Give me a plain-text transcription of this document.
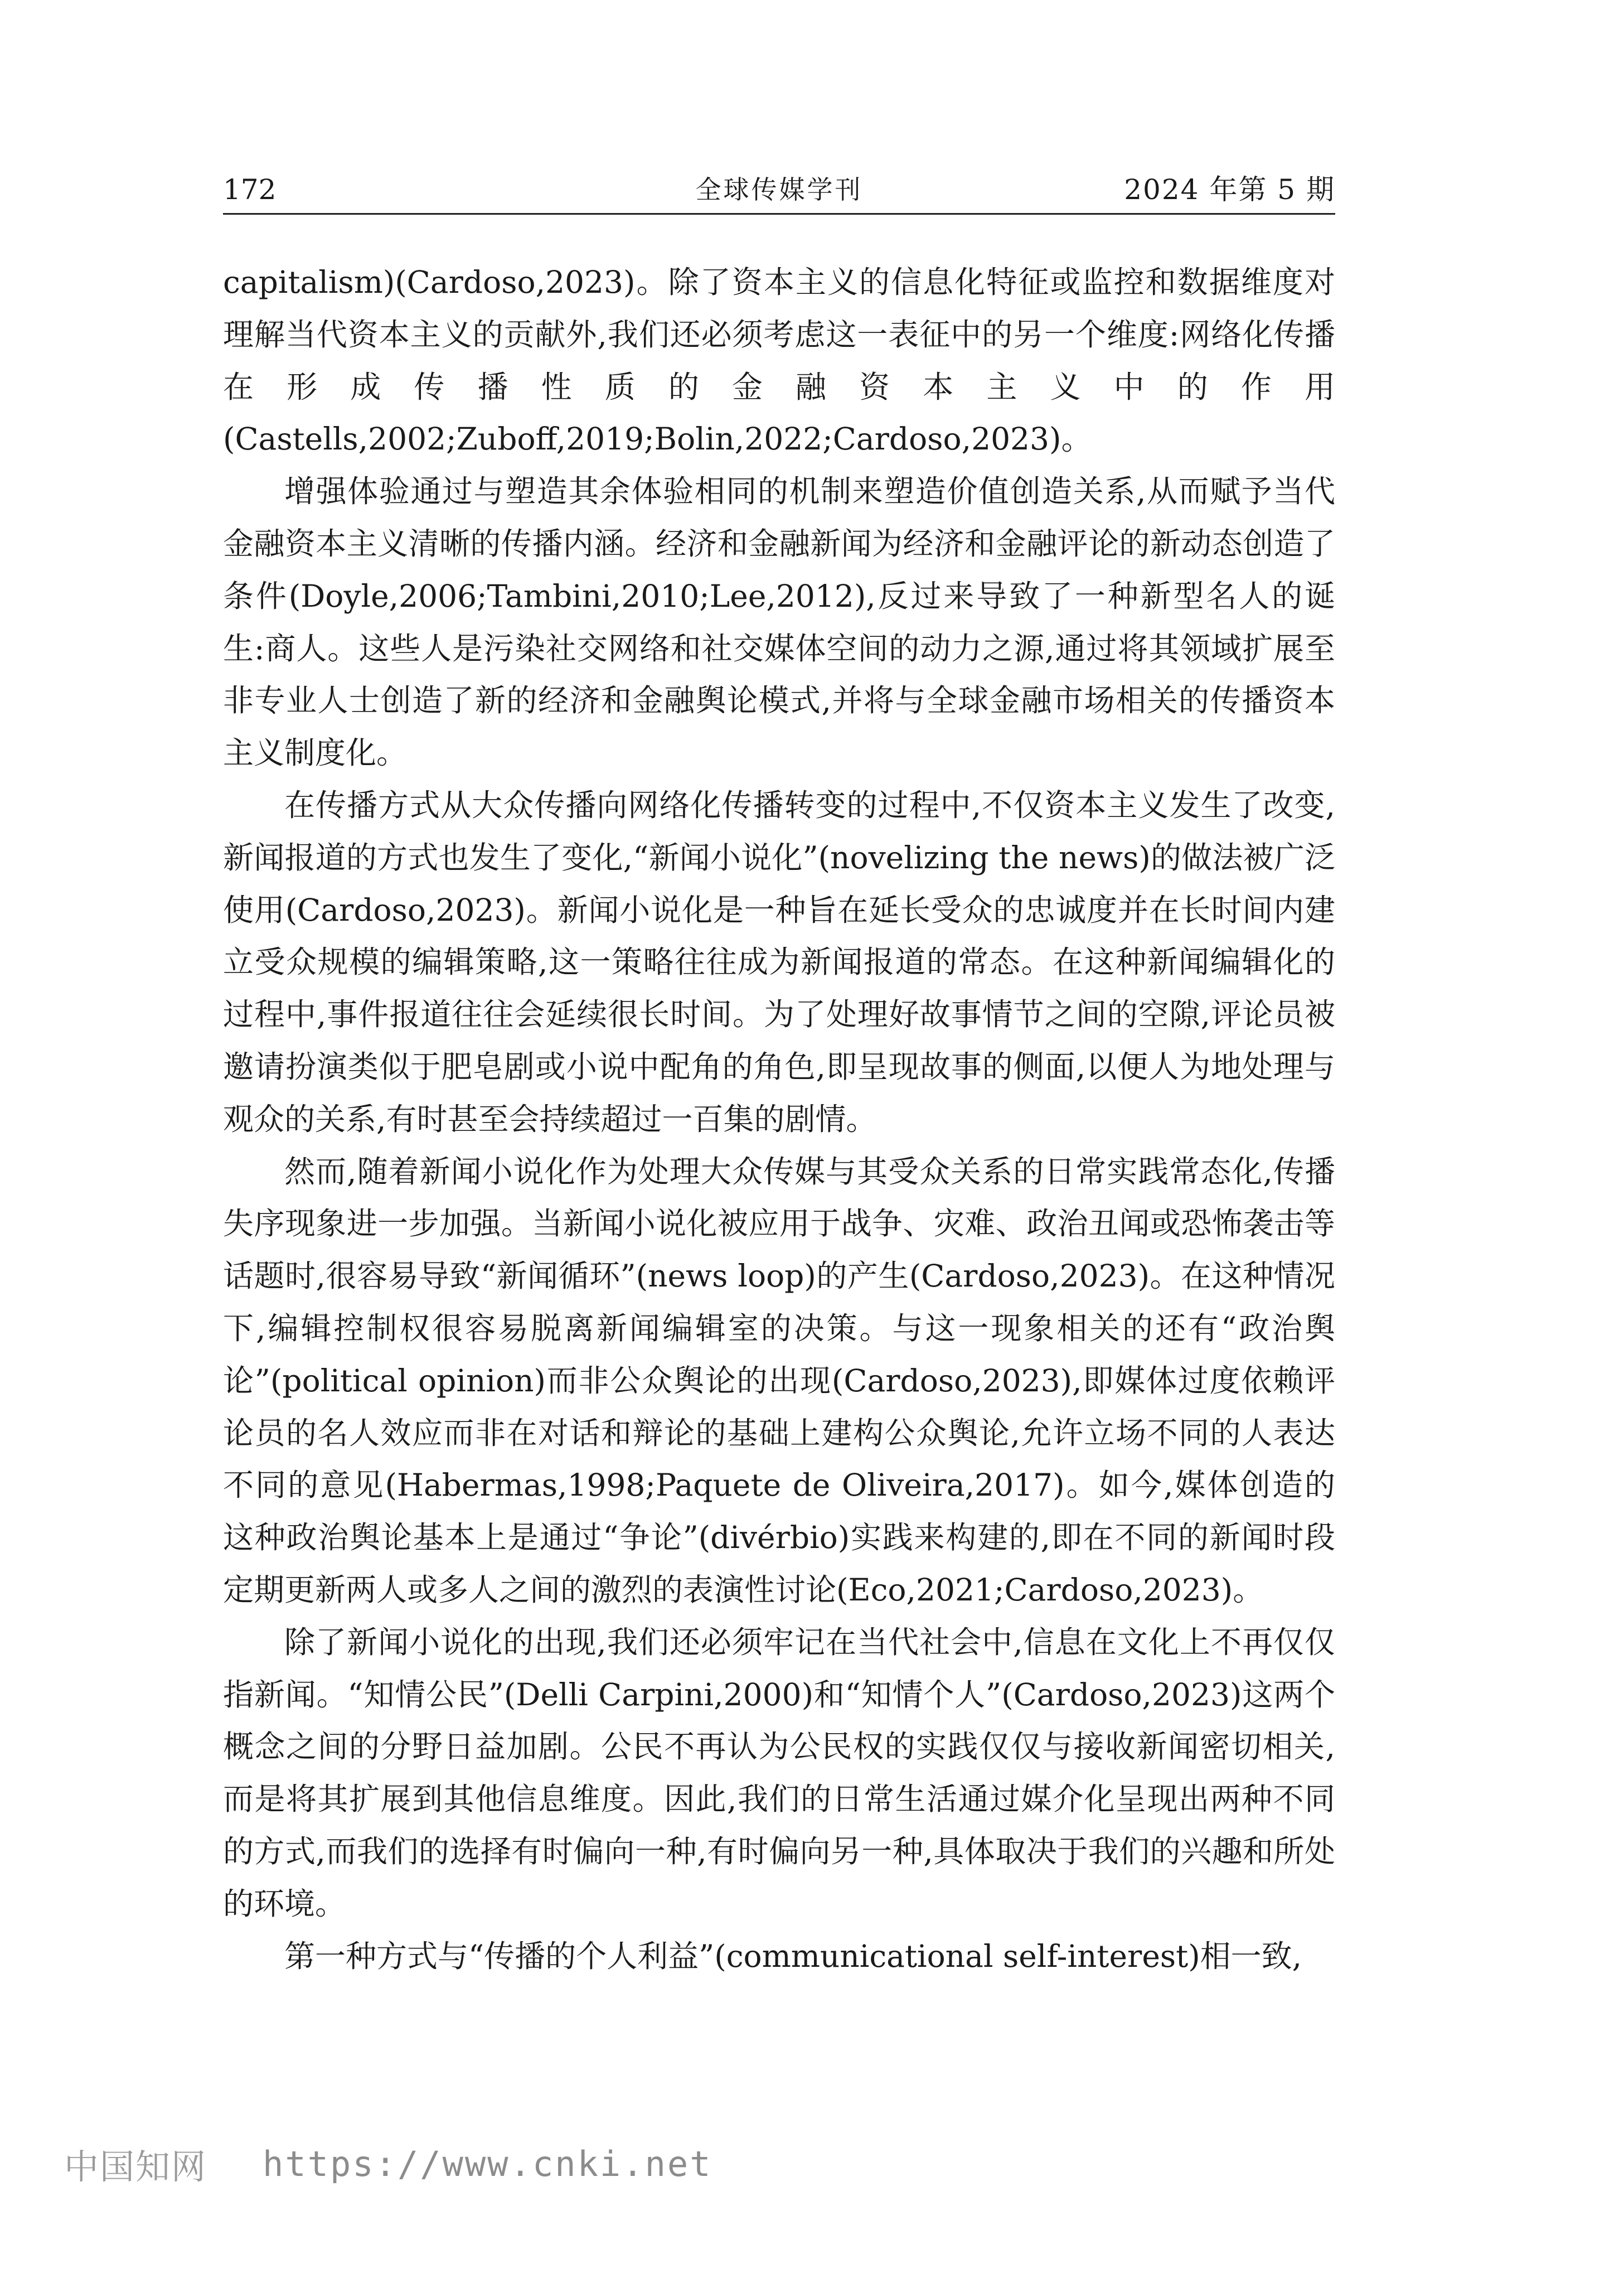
172	全球传媒学刊	2024 年第 5 期

capitalism)(Cardoso,2023)。除了资本主义的信息化特征或监控和数据维度对理解当代资本主义的贡献外,我们还必须考虑这一表征中的另一个维度:网络化传播在形成传播性质的金融资本主义中的作用(Castells,2002;Zuboff,2019;Bolin,2022;Cardoso,2023)。

增强体验通过与塑造其余体验相同的机制来塑造价值创造关系,从而赋予当代金融资本主义清晰的传播内涵。经济和金融新闻为经济和金融评论的新动态创造了条件(Doyle,2006;Tambini,2010;Lee,2012),反过来导致了一种新型名人的诞生:商人。这些人是污染社交网络和社交媒体空间的动力之源,通过将其领域扩展至非专业人士创造了新的经济和金融舆论模式,并将与全球金融市场相关的传播资本主义制度化。

在传播方式从大众传播向网络化传播转变的过程中,不仅资本主义发生了改变,新闻报道的方式也发生了变化,“新闻小说化”(novelizing the news)的做法被广泛使用(Cardoso,2023)。新闻小说化是一种旨在延长受众的忠诚度并在长时间内建立受众规模的编辑策略,这一策略往往成为新闻报道的常态。在这种新闻编辑化的过程中,事件报道往往会延续很长时间。为了处理好故事情节之间的空隙,评论员被邀请扮演类似于肥皂剧或小说中配角的角色,即呈现故事的侧面,以便人为地处理与观众的关系,有时甚至会持续超过一百集的剧情。

然而,随着新闻小说化作为处理大众传媒与其受众关系的日常实践常态化,传播失序现象进一步加强。当新闻小说化被应用于战争、灾难、政治丑闻或恐怖袭击等话题时,很容易导致“新闻循环”(news loop)的产生(Cardoso,2023)。在这种情况下,编辑控制权很容易脱离新闻编辑室的决策。与这一现象相关的还有“政治舆论”(political opinion)而非公众舆论的出现(Cardoso,2023),即媒体过度依赖评论员的名人效应而非在对话和辩论的基础上建构公众舆论,允许立场不同的人表达不同的意见(Habermas,1998;Paquete de Oliveira,2017)。如今,媒体创造的这种政治舆论基本上是通过“争论”(divérbio)实践来构建的,即在不同的新闻时段定期更新两人或多人之间的激烈的表演性讨论(Eco,2021;Cardoso,2023)。

除了新闻小说化的出现,我们还必须牢记在当代社会中,信息在文化上不再仅仅指新闻。“知情公民”(Delli Carpini,2000)和“知情个人”(Cardoso,2023)这两个概念之间的分野日益加剧。公民不再认为公民权的实践仅仅与接收新闻密切相关,而是将其扩展到其他信息维度。因此,我们的日常生活通过媒介化呈现出两种不同的方式,而我们的选择有时偏向一种,有时偏向另一种,具体取决于我们的兴趣和所处的环境。

第一种方式与“传播的个人利益”(communicational self-interest)相一致,

中国知网 https://www.cnki.net
